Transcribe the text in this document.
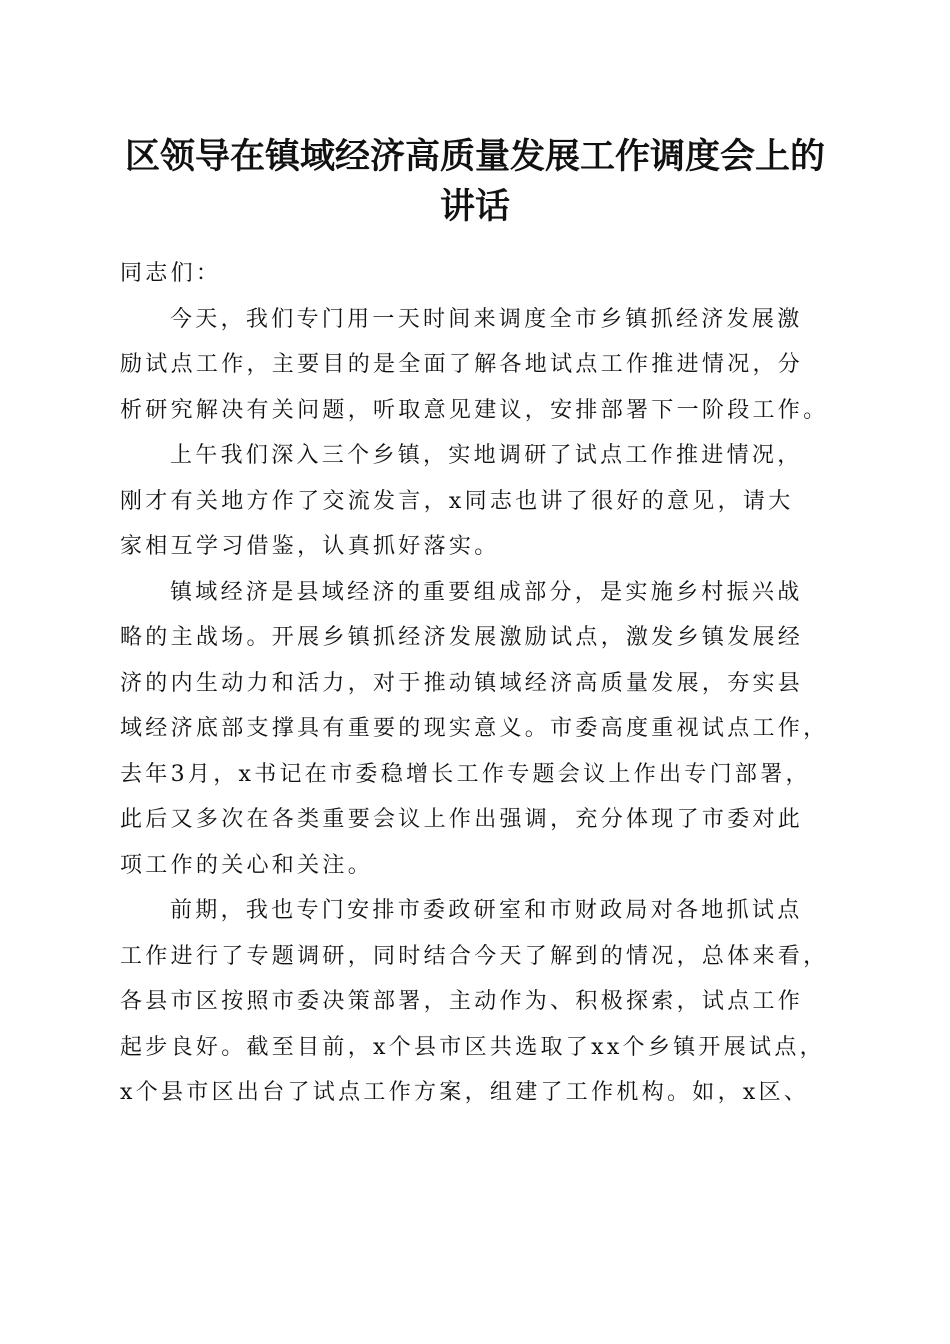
区领导在镇域经济高质量发展工作调度会上的
讲话
同志们：
今天，我们专门用一天时间来调度全市乡镇抓经济发展激
励试点工作，主要目的是全面了解各地试点工作推进情况，分
析研究解决有关问题，听取意见建议，安排部署下一阶段工作。
上午我们深入三个乡镇，实地调研了试点工作推进情况，
刚才有关地方作了交流发言，x同志也讲了很好的意见，请大
家相互学习借鉴，认真抓好落实。
镇域经济是县域经济的重要组成部分，是实施乡村振兴战
略的主战场。开展乡镇抓经济发展激励试点，激发乡镇发展经
济的内生动力和活力，对于推动镇域经济高质量发展，夯实县
域经济底部支撑具有重要的现实意义。市委高度重视试点工作，
去年3月，x书记在市委稳增长工作专题会议上作出专门部署，
此后又多次在各类重要会议上作出强调，充分体现了市委对此
项工作的关心和关注。
前期，我也专门安排市委政研室和市财政局对各地抓试点
工作进行了专题调研，同时结合今天了解到的情况，总体来看，
各县市区按照市委决策部署，主动作为、积极探索，试点工作
起步良好。截至目前，x个县市区共选取了xx个乡镇开展试点，
x个县市区出台了试点工作方案，组建了工作机构。如，x区、
